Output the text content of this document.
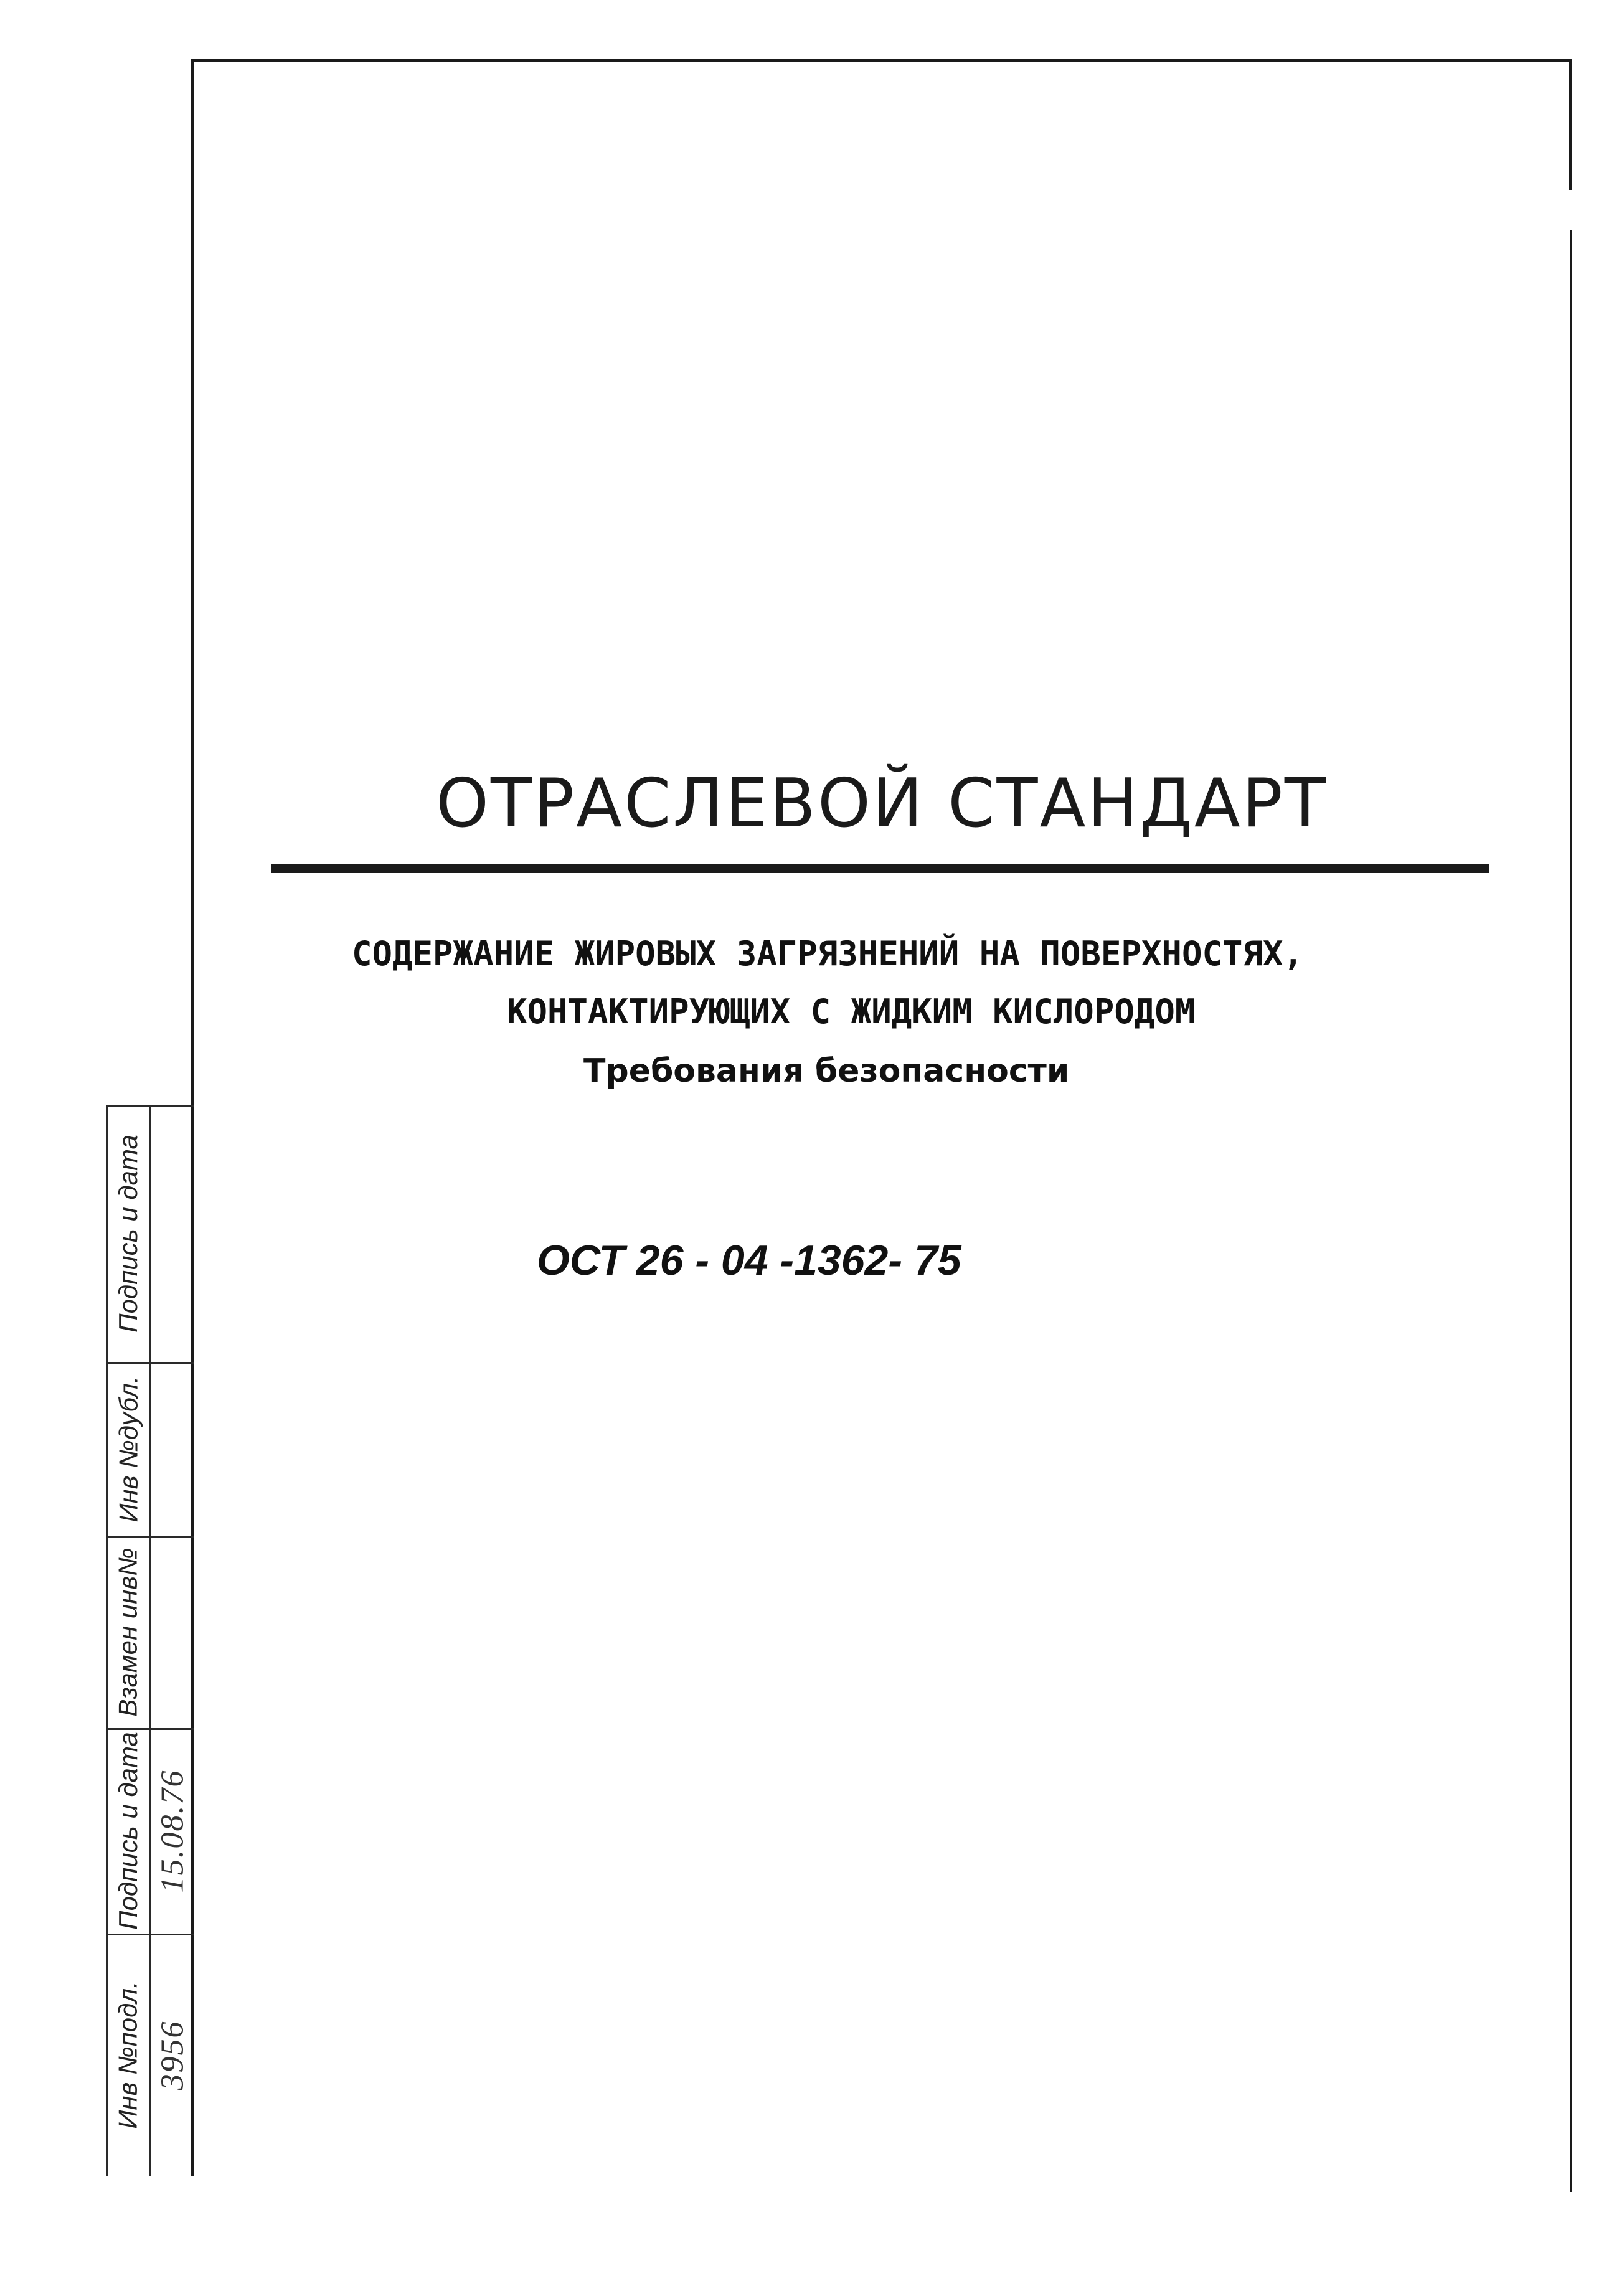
ОТРАСЛЕВОЙ СТАНДАРТ
СОДЕРЖАНИЕ ЖИРОВЫХ ЗАГРЯЗНЕНИЙ НА ПОВЕРХНОСТЯХ,
КОНТАКТИРУЮЩИХ С ЖИДКИМ КИСЛОРОДОМ
Требования безопасности
ОСТ 26 - 04 -1362- 75
Подпись и дата
Инв №дубл.
Взамен инв№
Подпись и дата 15.08.76
Инв №подл. 3956
